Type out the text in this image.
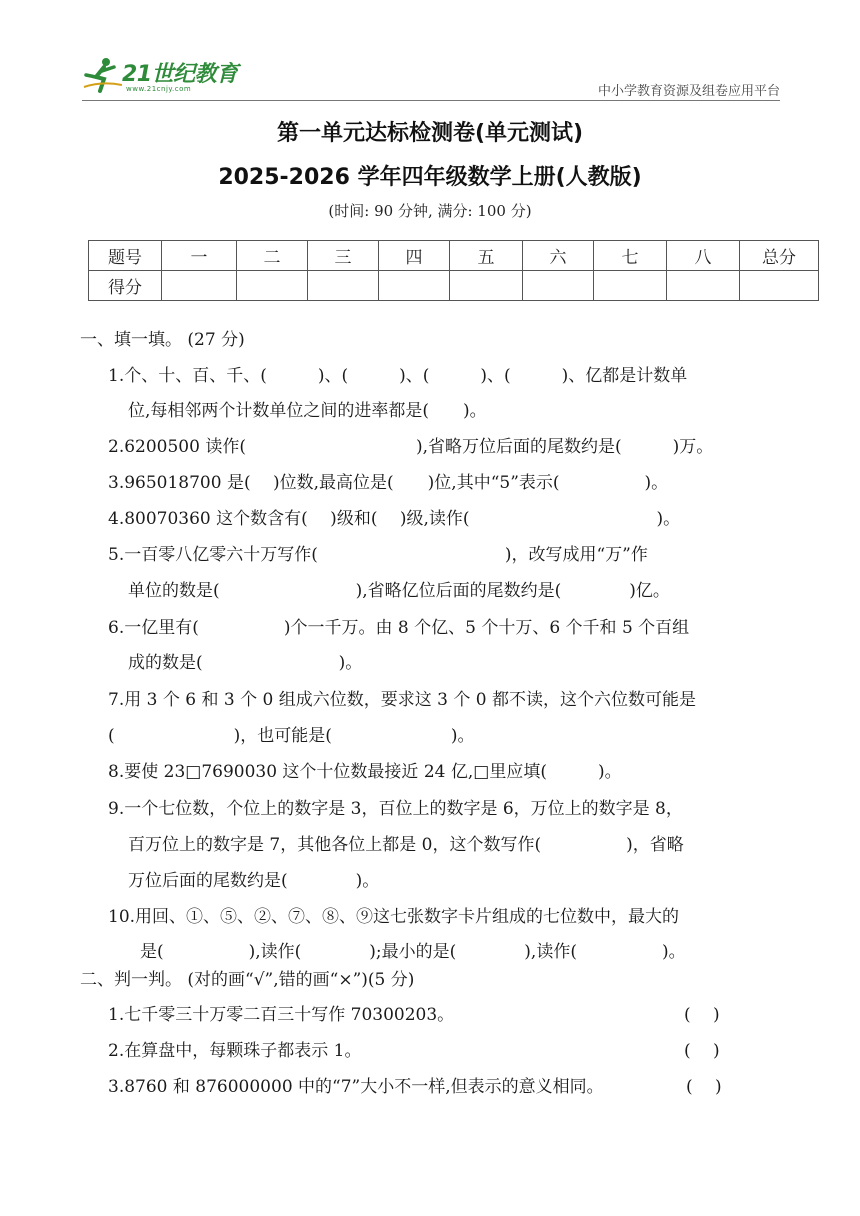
21世纪教育
www.21cnjy.com	中小学教育资源及组卷应用平台
第一单元达标检测卷(单元测试)
2025-2026 学年四年级数学上册(人教版)
(时间: 90 分钟, 满分: 100 分)
题号	一	二	三	四	五	六	七	八	总分
得分									
一、填一填。 (27 分)
1.个、十、百、千、(　　　)、(　　　)、(　　　)、(　　　)、亿都是计数单
位,每相邻两个计数单位之间的进率都是(　　)。
2.6200500 读作(　　　　　　　　　　),省略万位后面的尾数约是(　　　)万。
3.965018700 是(　 )位数,最高位是(　　)位,其中“5”表示(　　　　　)。
4.80070360 这个数含有(　 )级和(　 )级,读作(　　　　　　　　　　　)。
5.一百零八亿零六十万写作(　　　　　　　　　　　)，改写成用“万”作
单位的数是(　　　　　　　　),省略亿位后面的尾数约是(　　　　)亿。
6.一亿里有(　　　　　)个一千万。由 8 个亿、5 个十万、6 个千和 5 个百组
成的数是(　　　　　　　　)。
7.用 3 个 6 和 3 个 0 组成六位数，要求这 3 个 0 都不读，这个六位数可能是
(　　　　　　　)，也可能是(　　　　　　　)。
8.要使 23□7690030 这个十位数最接近 24 亿,□里应填(　　　)。
9.一个七位数，个位上的数字是 3，百位上的数字是 6，万位上的数字是 8，
百万位上的数字是 7，其他各位上都是 0，这个数写作(　　　　　)，省略
万位后面的尾数约是(　　　　)。
10.用回、①、⑤、②、⑦、⑧、⑨这七张数字卡片组成的七位数中，最大的
是(　　　　　),读作(　　　　);最小的是(　　　　),读作(　　　　　)。
二、判一判。 (对的画“√”,错的画“×”)(5 分)
1.七千零三十万零二百三十写作 70300203。	(　 )
2.在算盘中，每颗珠子都表示 1。	(　 )
3.8760 和 876000000 中的“7”大小不一样,但表示的意义相同。	(　 )
